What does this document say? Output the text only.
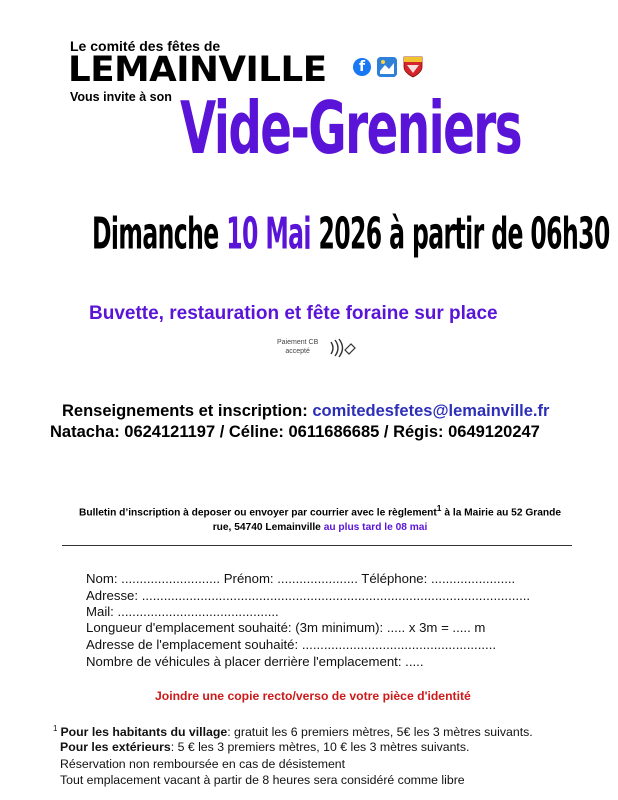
Le comité des fêtes de
LEMAINVILLE
Vous invite à son
f
Vide-Greniers
Dimanche 10 Mai 2026 à partir de 06h30
Buvette, restauration et fête foraine sur place
Paiement CB
accepté
Renseignements et inscription: comitedesfetes@lemainville.fr
Natacha: 0624121197 / Céline: 0611686685 / Régis: 0649120247
Bulletin d’inscription à deposer ou envoyer par courrier avec le règlement$^1$ à la Mairie au 52 Grande rue, 54740 Lemainville au plus tard le 08 mai
Nom: ........................... Prénom: ...................... Téléphone: .......................
Adresse: ..........................................................................................................
Mail: ............................................
Longueur d'emplacement souhaité: (3m minimum): ..... x 3m = ..... m
Adresse de l'emplacement souhaité: .....................................................
Nombre de véhicules à placer derrière l'emplacement: .....
Joindre une copie recto/verso de votre pièce d'identité
$^1$ Pour les habitants du village: gratuit les 6 premiers mètres, 5€ les 3 mètres suivants.
Pour les extérieurs: 5 € les 3 premiers mètres, 10 € les 3 mètres suivants.
Réservation non remboursée en cas de désistement
Tout emplacement vacant à partir de 8 heures sera considéré comme libre
